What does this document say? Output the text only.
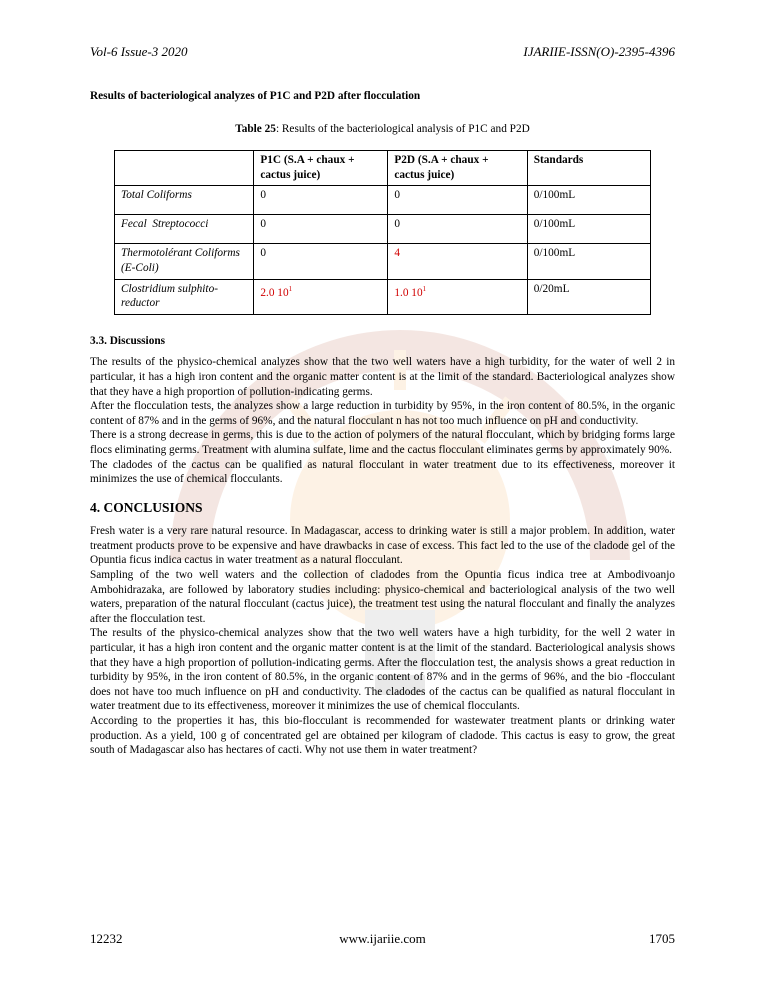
Vol-6 Issue-3 2020	IJARIIE-ISSN(O)-2395-4396
Results of bacteriological analyzes of P1C and P2D after flocculation
Table 25: Results of the bacteriological analysis of P1C and P2D
	P1C (S.A + chaux + cactus juice)	P2D (S.A + chaux + cactus juice)	Standards
Total Coliforms	0	0	0/100mL
Fecal  Streptococci	0	0	0/100mL
Thermotolérant Coliforms (E-Coli)	0	4	0/100mL
Clostridium sulphito-reductor	2.0 $10^1$	1.0 $10^1$	0/20mL
3.3. Discussions

The results of the physico-chemical analyzes show that the two well waters have a high turbidity, for the water of well 2 in particular, it has a high iron content and the organic matter content is at the limit of the standard. Bacteriological analyzes show that they have a high proportion of pollution-indicating germs.

After the flocculation tests, the analyzes show a large reduction in turbidity by 95%, in the iron content of 80.5%, in the organic content of 87% and in the germs of 96%, and the natural flocculant n has not too much influence on pH and conductivity.

There is a strong decrease in germs, this is due to the action of polymers of the natural flocculant, which by bridging forms large flocs eliminating germs. Treatment with alumina sulfate, lime and the cactus flocculant eliminates germs by approximately 90%.

The cladodes of the cactus can be qualified as natural flocculant in water treatment due to its effectiveness, moreover it minimizes the use of chemical flocculants.

4. CONCLUSIONS

Fresh water is a very rare natural resource. In Madagascar, access to drinking water is still a major problem. In addition, water treatment products prove to be expensive and have drawbacks in case of excess. This fact led to the use of the cladode gel of the Opuntia ficus indica cactus in water treatment as a natural flocculant.

Sampling of the two well waters and the collection of cladodes from the Opuntia ficus indica tree at Ambodivoanjo Ambohidrazaka, are followed by laboratory studies including: physico-chemical and bacteriological analysis of the two well waters, preparation of the natural flocculant (cactus juice), the treatment test using the natural flocculant and finally the analyzes after the flocculation test.

The results of the physico-chemical analyzes show that the two well waters have a high turbidity, for the well 2 water in particular, it has a high iron content and the organic matter content is at the limit of the standard. Bacteriological analysis shows that they have a high proportion of pollution-indicating germs. After the flocculation test, the analysis shows a great reduction in turbidity by 95%, in the iron content of 80.5%, in the organic content of 87% and in the germs of 96%, and the bio -flocculant does not have too much influence on pH and conductivity. The cladodes of the cactus can be qualified as natural flocculant in water treatment due to its effectiveness, moreover it minimizes the use of chemical flocculants.

According to the properties it has, this bio-flocculant is recommended for wastewater treatment plants or drinking water production. As a yield, 100 g of concentrated gel are obtained per kilogram of cladode. This cactus is easy to grow, the great south of Madagascar also has hectares of cacti. Why not use them in water treatment?

12232	www.ijariie.com	1705
